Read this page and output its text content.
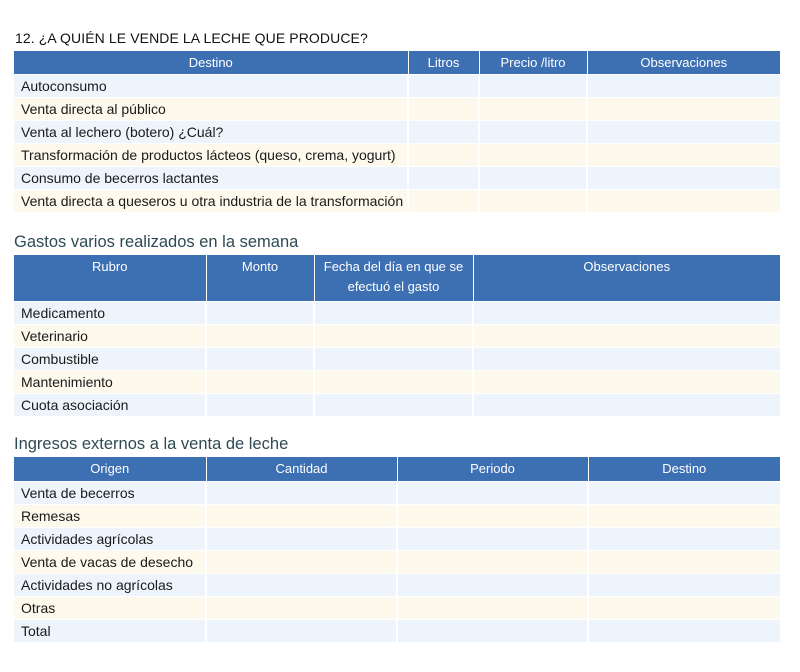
12. ¿A QUIÉN LE VENDE LA LECHE QUE PRODUCE?
Destino	Litros	Precio /litro	Observaciones
Autoconsumo			
Venta directa al público			
Venta al lechero (botero) ¿Cuál?			
Transformación de productos lácteos (queso, crema, yogurt)			
Consumo de becerros lactantes			
Venta directa a queseros u otra industria de la transformación			
Gastos varios realizados en la semana
Rubro	Monto	Fecha del día en que se efectuó el gasto	Observaciones
Medicamento			
Veterinario			
Combustible			
Mantenimiento			
Cuota asociación			
Ingresos externos a la venta de leche
Origen	Cantidad	Periodo	Destino
Venta de becerros			
Remesas			
Actividades agrícolas			
Venta de vacas de desecho			
Actividades no agrícolas			
Otras			
Total			
